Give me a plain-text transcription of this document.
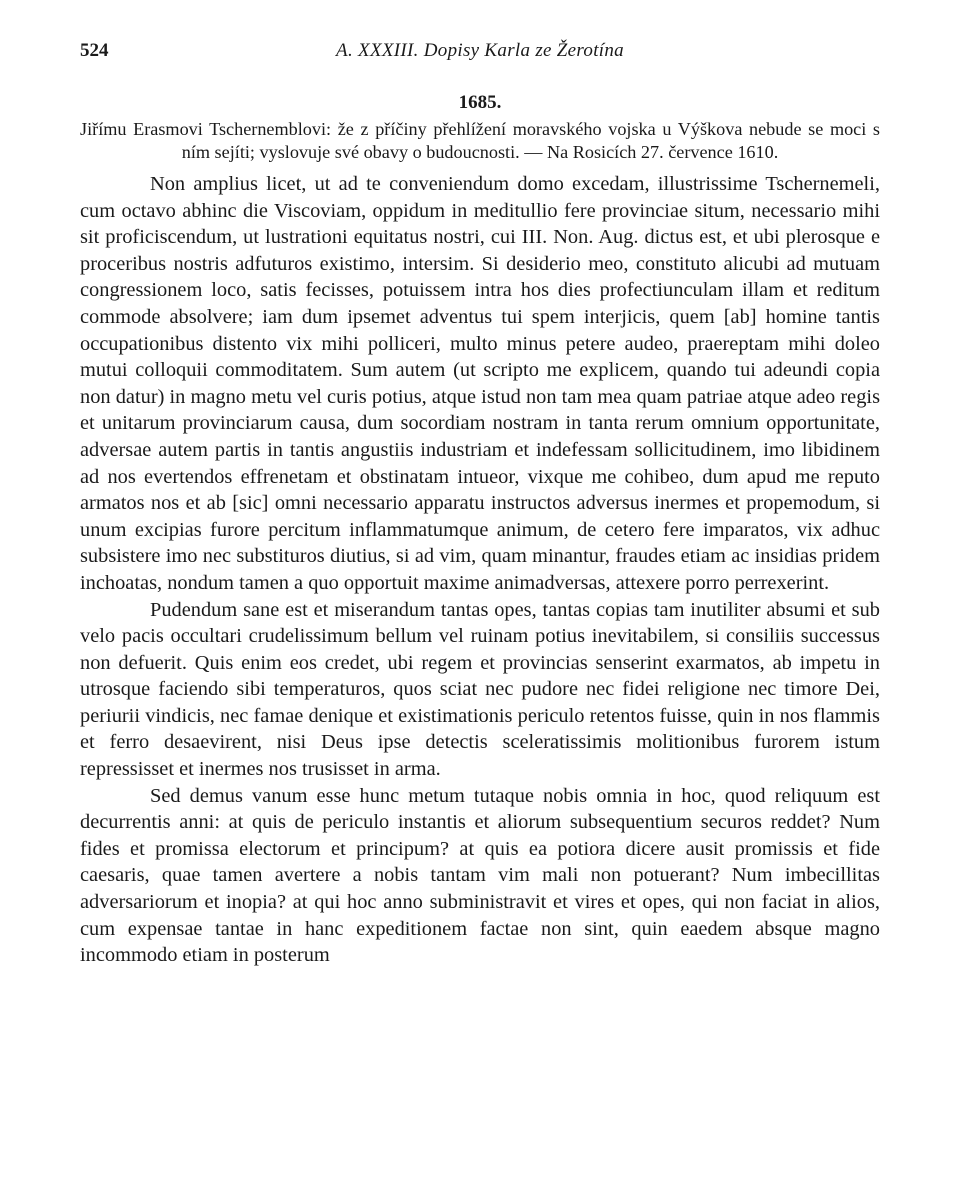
524	A. XXXIII. Dopisy Karla ze Žerotína
1685.
Jiřímu Erasmovi Tschernemblovi: že z příčiny přehlížení moravského vojska u Výškova nebude se moci s ním sejíti; vyslovuje své obavy o budoucnosti. — Na Rosicích 27. července 1610.

Non amplius licet, ut ad te conveniendum domo excedam, illustrissime Tschernemeli, cum octavo abhinc die Viscoviam, oppidum in meditullio fere provinciae situm, necessario mihi sit proficiscendum, ut lustrationi equitatus nostri, cui III. Non. Aug. dictus est, et ubi plerosque e proceribus nostris adfuturos existimo, intersim. Si desiderio meo, constituto alicubi ad mutuam congressionem loco, satis fecisses, potuissem intra hos dies profectiunculam illam et reditum commode absolvere; iam dum ipsemet adventus tui spem interjicis, quem [ab] homine tantis occupationibus distento vix mihi polliceri, multo minus petere audeo, praereptam mihi doleo mutui colloquii commoditatem. Sum autem (ut scripto me explicem, quando tui adeundi copia non datur) in magno metu vel curis potius, atque istud non tam mea quam patriae atque adeo regis et unitarum provinciarum causa, dum socordiam nostram in tanta rerum omnium opportunitate, adversae autem partis in tantis angustiis industriam et indefessam sollicitudinem, imo libidinem ad nos evertendos effrenetam et obstinatam intueor, vixque me cohibeo, dum apud me reputo armatos nos et ab [sic] omni necessario apparatu instructos adversus inermes et propemodum, si unum excipias furore percitum inflammatumque animum, de cetero fere imparatos, vix adhuc subsistere imo nec substituros diutius, si ad vim, quam minantur, fraudes etiam ac insidias pridem inchoatas, nondum tamen a quo opportuit maxime animadversas, attexere porro perrexerint.

Pudendum sane est et miserandum tantas opes, tantas copias tam inutiliter absumi et sub velo pacis occultari crudelissimum bellum vel ruinam potius inevitabilem, si consiliis successus non defuerit. Quis enim eos credet, ubi regem et provincias senserint exarmatos, ab impetu in utrosque faciendo sibi temperaturos, quos sciat nec pudore nec fidei religione nec timore Dei, periurii vindicis, nec famae denique et existimationis periculo retentos fuisse, quin in nos flammis et ferro desaevirent, nisi Deus ipse detectis sceleratissimis molitionibus furorem istum repressisset et inermes nos trusisset in arma.

Sed demus vanum esse hunc metum tutaque nobis omnia in hoc, quod reliquum est decurrentis anni: at quis de periculo instantis et aliorum subsequentium securos reddet? Num fides et promissa electorum et principum? at quis ea potiora dicere ausit promissis et fide caesaris, quae tamen avertere a nobis tantam vim mali non potuerant? Num imbecillitas adversariorum et inopia? at qui hoc anno subministravit et vires et opes, qui non faciat in alios, cum expensae tantae in hanc expeditionem factae non sint, quin eaedem absque magno incommodo etiam in posterum
